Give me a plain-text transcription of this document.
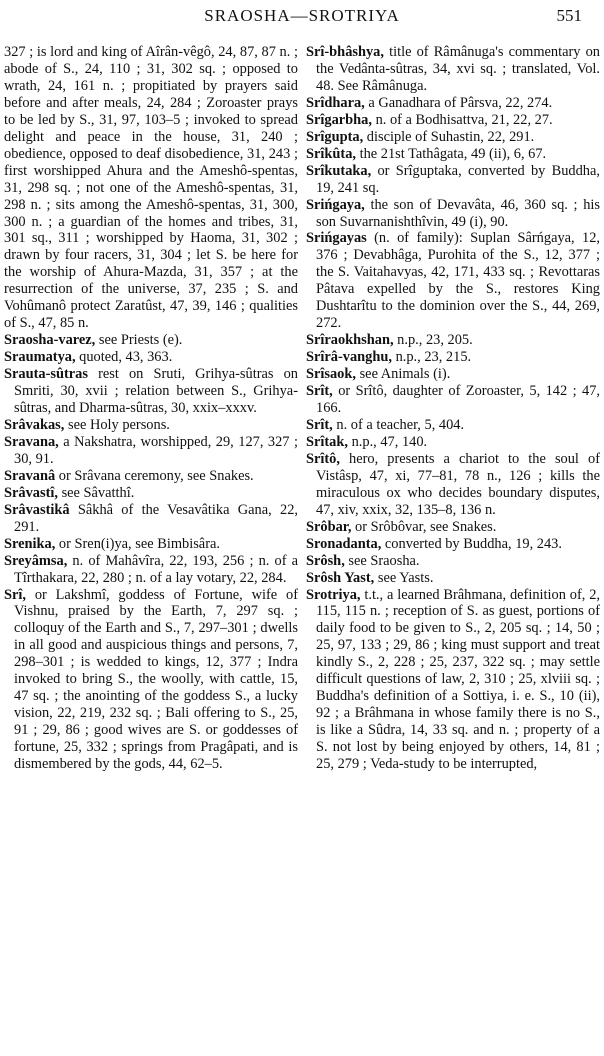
SRAOSHA—SROTRIYA	551

327 ; is lord and king of Aîrân-vêgô, 24, 87, 87 n. ; abode of S., 24, 110 ; 31, 302 sq. ; opposed to wrath, 24, 161 n. ; propitiated by prayers said before and after meals, 24, 284 ; Zoroaster prays to be led by S., 31, 97, 103–5 ; invoked to spread delight and peace in the house, 31, 240 ; obedience, opposed to deaf disobedience, 31, 243 ; first worshipped Ahura and the Ameshô-spentas, 31, 298 sq. ; not one of the Ameshô-spentas, 31, 298 n. ; sits among the Ameshô-spentas, 31, 300, 300 n. ; a guardian of the homes and tribes, 31, 301 sq., 311 ; worshipped by Haoma, 31, 302 ; drawn by four racers, 31, 304 ; let S. be here for the worship of Ahura-Mazda, 31, 357 ; at the resurrection of the universe, 37, 235 ; S. and Vohûmanô protect Zaratûst, 47, 39, 146 ; qualities of S., 47, 85 n.

Sraosha-varez, see Priests (e).

Sraumatya, quoted, 43, 363.

Srauta-sûtras rest on Sruti, Grihya-sûtras on Smriti, 30, xvii ; relation between S., Grihya-sûtras, and Dharma-sûtras, 30, xxix–xxxv.

Srâvakas, see Holy persons.

Sravana, a Nakshatra, worshipped, 29, 127, 327 ; 30, 91.

Sravanâ or Srâvana ceremony, see Snakes.

Srâvastî, see Sâvatthî.

Srâvastikâ Sâkhâ of the Vesavâtika Gana, 22, 291.

Srenika, or Sren(i)ya, see Bimbisâra.

Sreyâmsa, n. of Mahâvîra, 22, 193, 256 ; n. of a Tîrthakara, 22, 280 ; n. of a lay votary, 22, 284.

Srî, or Lakshmî, goddess of Fortune, wife of Vishnu, praised by the Earth, 7, 297 sq. ; colloquy of the Earth and S., 7, 297–301 ; dwells in all good and auspicious things and persons, 7, 298–301 ; is wedded to kings, 12, 377 ; Indra invoked to bring S., the woolly, with cattle, 15, 47 sq. ; the anointing of the goddess S., a lucky vision, 22, 219, 232 sq. ; Bali offering to S., 25, 91 ; 29, 86 ; good wives are S. or goddesses of fortune, 25, 332 ; springs from Pragâpati, and is dismembered by the gods, 44, 62–5.

Srî-bhâshya, title of Râmânuga's commentary on the Vedânta-sûtras, 34, xvi sq. ; translated, Vol. 48. See Râmânuga.

Srîdhara, a Ganadhara of Pârsva, 22, 274.

Srîgarbha, n. of a Bodhisattva, 21, 22, 27.

Srîgupta, disciple of Suhastin, 22, 291.

Srîkûta, the 21st Tathâgata, 49 (ii), 6, 67.

Srîkutaka, or Srîguptaka, converted by Buddha, 19, 241 sq.

Srińgaya, the son of Devavâta, 46, 360 sq. ; his son Suvarnanishthîvin, 49 (i), 90.

Srińgayas (n. of family): Suplan Sârńgaya, 12, 376 ; Devabhâga, Purohita of the S., 12, 377 ; the S. Vaitahavyas, 42, 171, 433 sq. ; Revottaras Pâtava expelled by the S., restores King Dushtarîtu to the dominion over the S., 44, 269, 272.

Srîraokhshan, n.p., 23, 205.

Srîrâ-vanghu, n.p., 23, 215.

Srîsaok, see Animals (i).

Srît, or Srîtô, daughter of Zoroaster, 5, 142 ; 47, 166.

Srît, n. of a teacher, 5, 404.

Srîtak, n.p., 47, 140.

Srîtô, hero, presents a chariot to the soul of Vistâsp, 47, xi, 77–81, 78 n., 126 ; kills the miraculous ox who decides boundary disputes, 47, xiv, xxix, 32, 135–8, 136 n.

Srôbar, or Srôbôvar, see Snakes.

Sronadanta, converted by Buddha, 19, 243.

Srôsh, see Sraosha.

Srôsh Yast, see Yasts.

Srotriya, t.t., a learned Brâhmana, definition of, 2, 115, 115 n. ; reception of S. as guest, portions of daily food to be given to S., 2, 205 sq. ; 14, 50 ; 25, 97, 133 ; 29, 86 ; king must support and treat kindly S., 2, 228 ; 25, 237, 322 sq. ; may settle difficult questions of law, 2, 310 ; 25, xlviii sq. ; Buddha's definition of a Sottiya, i. e. S., 10 (ii), 92 ; a Brâhmana in whose family there is no S., is like a Sûdra, 14, 33 sq. and n. ; property of a S. not lost by being enjoyed by others, 14, 81 ; 25, 279 ; Veda-study to be interrupted,
